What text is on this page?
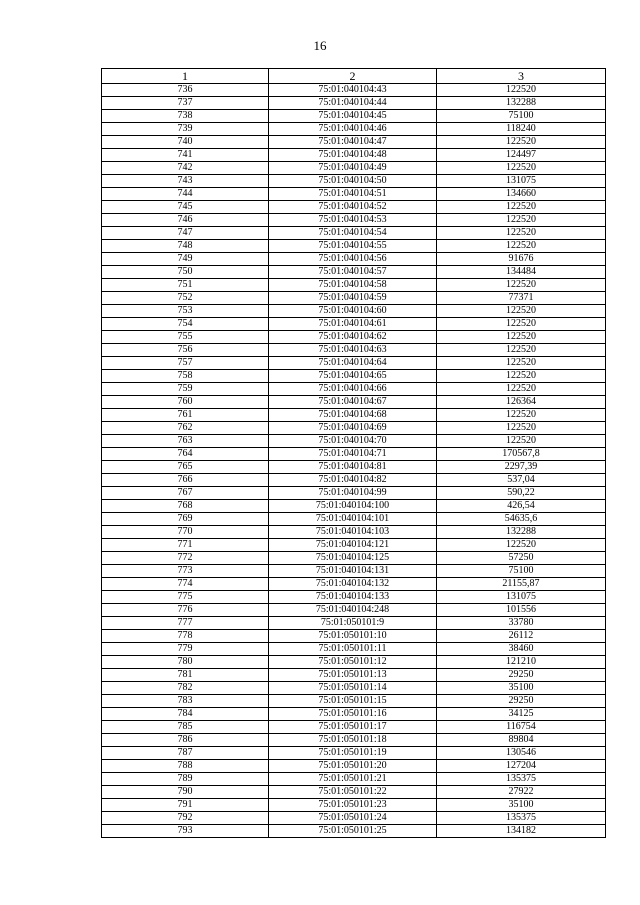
16
1	2	3
736	75:01:040104:43	122520
737	75:01:040104:44	132288
738	75:01:040104:45	75100
739	75:01:040104:46	118240
740	75:01:040104:47	122520
741	75:01:040104:48	124497
742	75:01:040104:49	122520
743	75:01:040104:50	131075
744	75:01:040104:51	134660
745	75:01:040104:52	122520
746	75:01:040104:53	122520
747	75:01:040104:54	122520
748	75:01:040104:55	122520
749	75:01:040104:56	91676
750	75:01:040104:57	134484
751	75:01:040104:58	122520
752	75:01:040104:59	77371
753	75:01:040104:60	122520
754	75:01:040104:61	122520
755	75:01:040104:62	122520
756	75:01:040104:63	122520
757	75:01:040104:64	122520
758	75:01:040104:65	122520
759	75:01:040104:66	122520
760	75:01:040104:67	126364
761	75:01:040104:68	122520
762	75:01:040104:69	122520
763	75:01:040104:70	122520
764	75:01:040104:71	170567,8
765	75:01:040104:81	2297,39
766	75:01:040104:82	537,04
767	75:01:040104:99	590,22
768	75:01:040104:100	426,54
769	75:01:040104:101	54635,6
770	75:01:040104:103	132288
771	75:01:040104:121	122520
772	75:01:040104:125	57250
773	75:01:040104:131	75100
774	75:01:040104:132	21155,87
775	75:01:040104:133	131075
776	75:01:040104:248	101556
777	75:01:050101:9	33780
778	75:01:050101:10	26112
779	75:01:050101:11	38460
780	75:01:050101:12	121210
781	75:01:050101:13	29250
782	75:01:050101:14	35100
783	75:01:050101:15	29250
784	75:01:050101:16	34125
785	75:01:050101:17	116754
786	75:01:050101:18	89804
787	75:01:050101:19	130546
788	75:01:050101:20	127204
789	75:01:050101:21	135375
790	75:01:050101:22	27922
791	75:01:050101:23	35100
792	75:01:050101:24	135375
793	75:01:050101:25	134182
